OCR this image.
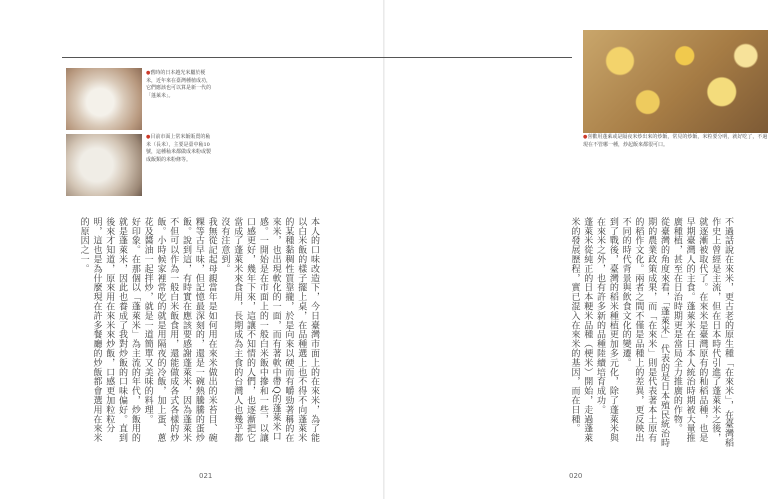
●舊時的日本越光米屬於梗米，近年來在臺灣種植成功，它們應該也可以算是新一代的「蓬萊米」。
●目前市面上常米飯販賣的秈米（長米），主要是臺中秈10號，這種秈米都做成米粉或製成飯類的米粉條等。
●喜歡用蓬萊或是隔夜米炒出來的炒飯，常見的炒飯，米粒要分明，就好吃了，不過現在不管哪一種，炒起飯來都很可口。

不過話說在來米，更古老的原生種「在來米」，在臺灣稻作史上曾經是主流，但在日本時代引進了蓬萊米之後，就逐漸被取代了。在來米是臺灣原有的秈稻品種，也是早期臺灣人的主食。蓬萊米在日本人統治時期被大量推廣種植，甚至在日治時期更是當局全力推廣的作物。

從臺灣的角度來看，「蓬萊米」代表的是日本殖民統治時期的農業政策成果，而「在來米」則是代表著本土原有的稻作文化。兩者之間不僅是品種上的差異，更反映出不同的時代背景與飲食文化的變遷。

到了戰後，臺灣的稻米種植更加多元化，除了蓬萊米與在來米之外，也有許多新的品種陸續培育成功。

蓬萊米從純正的日本粳米品種（梗米）開始，走過蓬萊米的發展歷程，實已混入在來米的基因，而在日種。

本人的口味改造下，今日臺灣市面上的在來米，為了能以白米飯的樣子擺上桌，在品種選上也不得不向蓬萊米的某種黏稠性質靠攏，於是向來以硬而有嚼勁著稱的在來米，也出現軟化的一面，而有著軟中帶Q的蓬萊米口感。一開始是在市面上的一般白米飯中摻和一些，以讓口感更好，幾年下來，這讓不知情的人們，也逐漸把它當成了蓬萊米來食用，長期成為主食的台灣人也幾乎都沒有注意到。

我無從記起母親當年是如何用在來米做出的米苔目、碗粿等古早味，但記憶最深刻的，還是一碗熱騰騰的蛋炒飯。說到這，有時實在應該要感謝蓬萊米，因為蓬萊米不但可以作為一般白米飯食用，還能做成各式各樣的炒飯。小時候家裡常吃的就是用隔夜的冷飯，加上蛋、蔥花及醬油一起拌炒，就是一道簡單又美味的料理。

好印象。在那個以「蓬萊米」為主流的年代，炒飯用的就是蓬萊米，因此也養成了我對炒飯的口味偏好。直到後來才知道，原來用在來米來炒飯，口感更加粒粒分明，這也是為什麼現在許多餐廳的炒飯都會選用在來米的原因之一。

021	020
